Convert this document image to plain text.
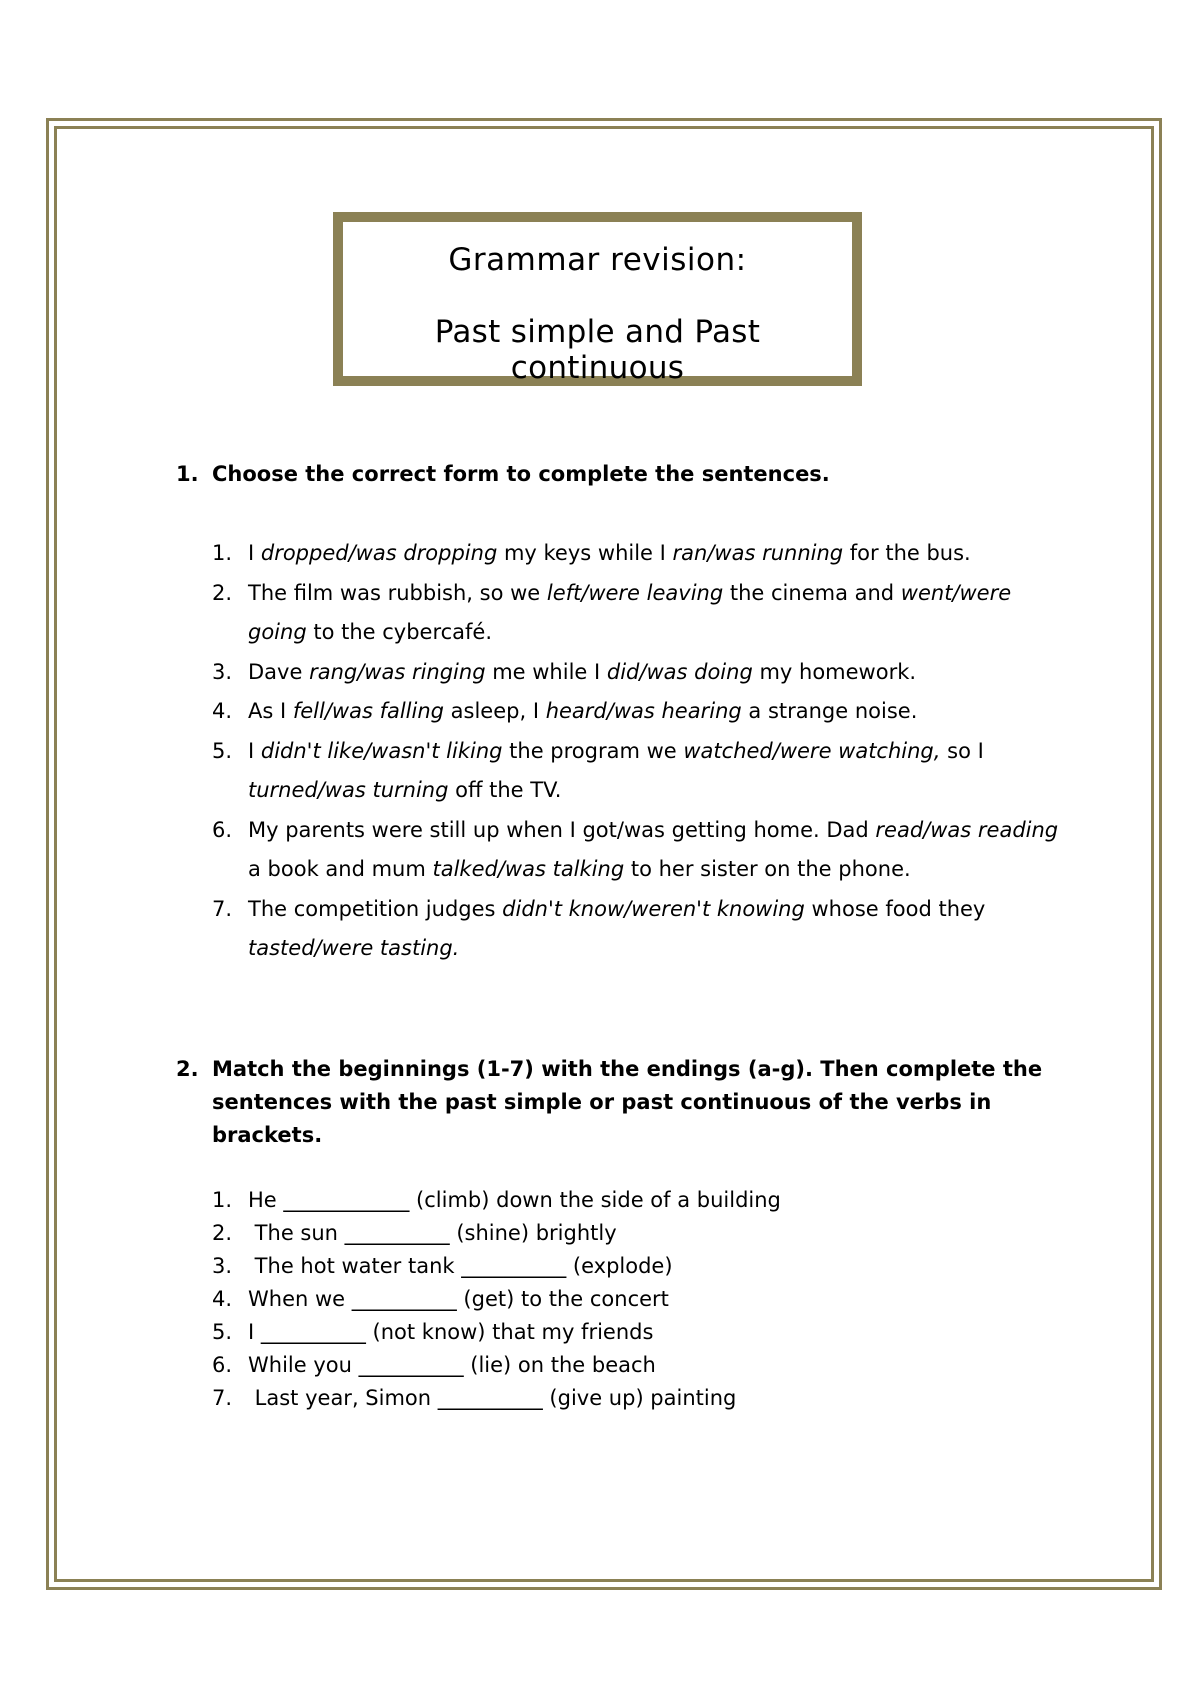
Grammar revision:
Past simple and Past continuous
1. Choose the correct form to complete the sentences.
1. I dropped/was dropping my keys while I ran/was running for the bus.
2. The film was rubbish, so we left/were leaving the cinema and went/were going to the cybercafé.
3. Dave rang/was ringing me while I did/was doing my homework.
4. As I fell/was falling asleep, I heard/was hearing a strange noise.
5. I didn't like/wasn't liking the program we watched/were watching, so I turned/was turning off the TV.
6. My parents were still up when I got/was getting home. Dad read/was reading a book and mum talked/was talking to her sister on the phone.
7. The competition judges didn't know/weren't knowing whose food they tasted/were tasting.
2. Match the beginnings (1-7) with the endings (a-g). Then complete the sentences with the past simple or past continuous of the verbs in brackets.
1. He ____________ (climb) down the side of a building
2. The sun __________ (shine) brightly
3. The hot water tank __________ (explode)
4. When we __________ (get) to the concert
5. I __________ (not know) that my friends
6. While you __________ (lie) on the beach
7. Last year, Simon __________ (give up) painting
